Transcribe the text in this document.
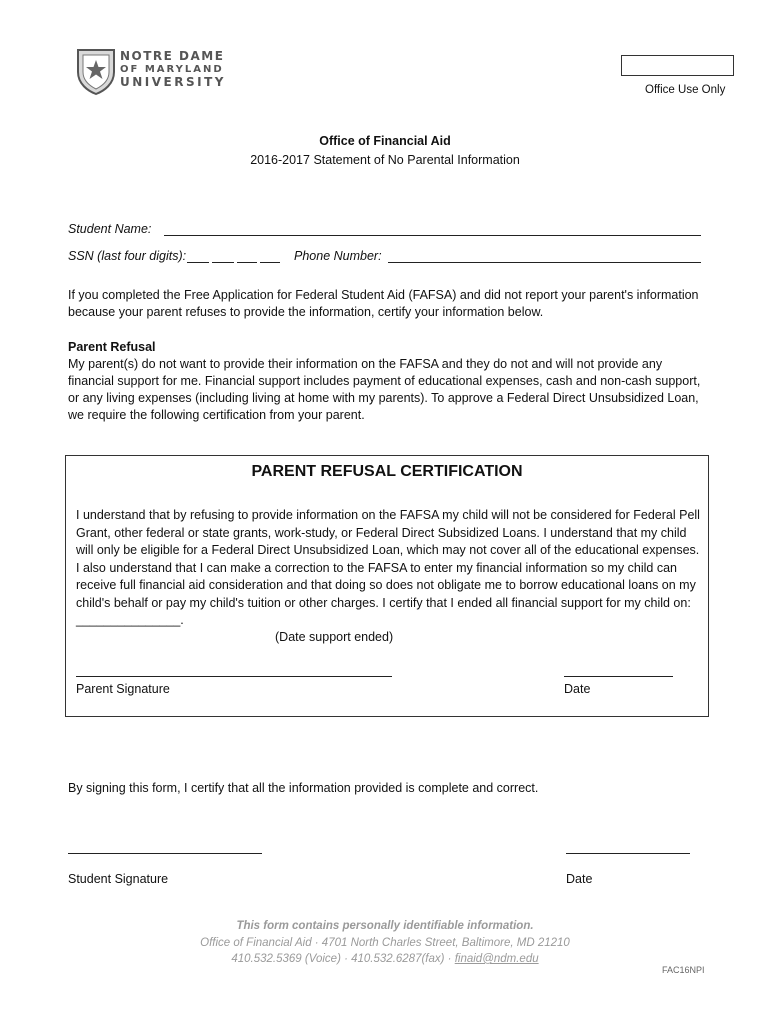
NOTRE DAME
OF MARYLAND
UNIVERSITY
Office Use Only
Office of Financial Aid
2016-2017 Statement of No Parental Information
Student Name:
SSN (last four digits):	Phone Number:
If you completed the Free Application for Federal Student Aid (FAFSA) and did not report your parent's information because your parent refuses to provide the information, certify your information below.
Parent Refusal
My parent(s) do not want to provide their information on the FAFSA and they do not and will not provide any financial support for me. Financial support includes payment of educational expenses, cash and non-cash support, or any living expenses (including living at home with my parents). To approve a Federal Direct Unsubsidized Loan, we require the following certification from your parent.
PARENT REFUSAL CERTIFICATION
I understand that by refusing to provide information on the FAFSA my child will not be considered for Federal Pell Grant, other federal or state grants, work-study, or Federal Direct Subsidized Loans. I understand that my child will only be eligible for a Federal Direct Unsubsidized Loan, which may not cover all of the educational expenses. I also understand that I can make a correction to the FAFSA to enter my financial information so my child can receive full financial aid consideration and that doing so does not obligate me to borrow educational loans on my child's behalf or pay my child's tuition or other charges. I certify that I ended all financial support for my child on: _______________.
(Date support ended)
Parent Signature	Date
By signing this form, I certify that all the information provided is complete and correct.
Student Signature	Date
This form contains personally identifiable information.
Office of Financial Aid · 4701 North Charles Street, Baltimore, MD 21210
410.532.5369 (Voice) · 410.532.6287(fax) · finaid@ndm.edu
FAC16NPI
